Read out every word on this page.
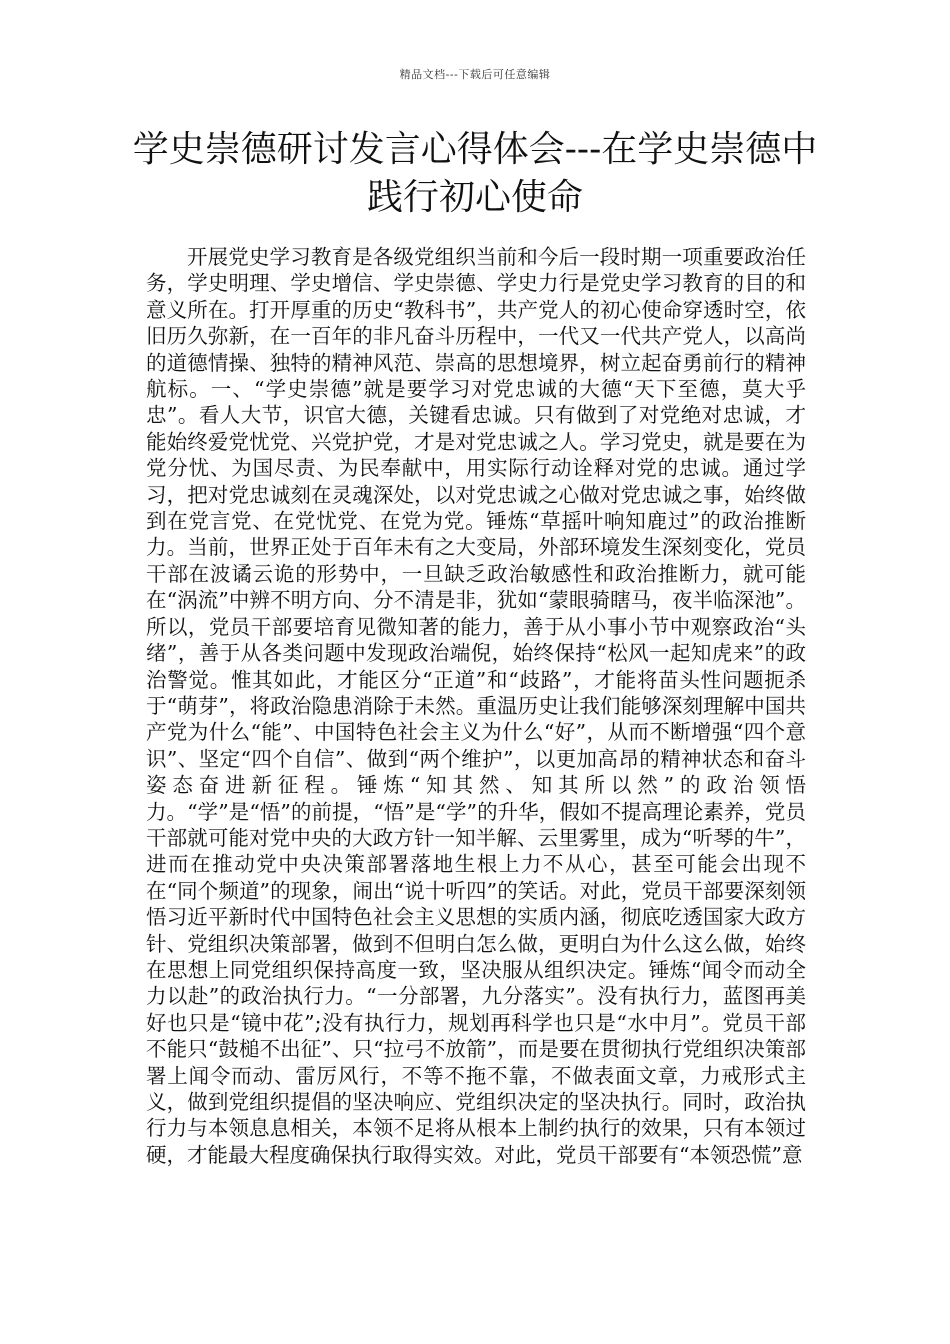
精品文档---下载后可任意编辑
学史崇德研讨发言心得体会---在学史崇德中践行初心使命

开展党史学习教育是各级党组织当前和今后一段时期一项重要政治任务，学史明理、学史增信、学史崇德、学史力行是党史学习教育的目的和意义所在。打开厚重的历史“教科书”，共产党人的初心使命穿透时空，依旧历久弥新，在一百年的非凡奋斗历程中，一代又一代共产党人，以高尚的道德情操、独特的精神风范、崇高的思想境界，树立起奋勇前行的精神航标。一、“学史崇德”就是要学习对党忠诚的大德“天下至德，莫大乎忠”。看人大节，识官大德，关键看忠诚。只有做到了对党绝对忠诚，才能始终爱党忧党、兴党护党，才是对党忠诚之人。学习党史，就是要在为党分忧、为国尽责、为民奉献中，用实际行动诠释对党的忠诚。通过学习，把对党忠诚刻在灵魂深处，以对党忠诚之心做对党忠诚之事，始终做到在党言党、在党忧党、在党为党。锤炼“草摇叶响知鹿过”的政治推断力。当前，世界正处于百年未有之大变局，外部环境发生深刻变化，党员干部在波谲云诡的形势中，一旦缺乏政治敏感性和政治推断力，就可能在“涡流”中辨不明方向、分不清是非，犹如“蒙眼骑瞎马，夜半临深池”。所以，党员干部要培育见微知著的能力，善于从小事小节中观察政治“头绪”，善于从各类问题中发现政治端倪，始终保持“松风一起知虎来”的政治警觉。惟其如此，才能区分“正道”和“歧路”，才能将苗头性问题扼杀于“萌芽”，将政治隐患消除于未然。重温历史让我们能够深刻理解中国共产党为什么“能”、中国特色社会主义为什么“好”，从而不断增强“四个意识”、坚定“四个自信”、做到“两个维护”，以更加高昂的精神状态和奋斗姿态奋进新征程。锤炼“知其然、知其所以然”的政治领悟力。“学”是“悟”的前提，“悟”是“学”的升华，假如不提高理论素养，党员干部就可能对党中央的大政方针一知半解、云里雾里，成为“听琴的牛”，进而在推动党中央决策部署落地生根上力不从心，甚至可能会出现不在“同个频道”的现象，闹出“说十听四”的笑话。对此，党员干部要深刻领悟习近平新时代中国特色社会主义思想的实质内涵，彻底吃透国家大政方针、党组织决策部署，做到不但明白怎么做，更明白为什么这么做，始终在思想上同党组织保持高度一致，坚决服从组织决定。锤炼“闻令而动全力以赴”的政治执行力。“一分部署，九分落实”。没有执行力，蓝图再美好也只是“镜中花”;没有执行力，规划再科学也只是“水中月”。党员干部不能只“鼓槌不出征”、只“拉弓不放箭”，而是要在贯彻执行党组织决策部署上闻令而动、雷厉风行，不等不拖不靠，不做表面文章，力戒形式主义，做到党组织提倡的坚决响应、党组织决定的坚决执行。同时，政治执行力与本领息息相关，本领不足将从根本上制约执行的效果，只有本领过硬，才能最大程度确保执行取得实效。对此，党员干部要有“本领恐慌”意
